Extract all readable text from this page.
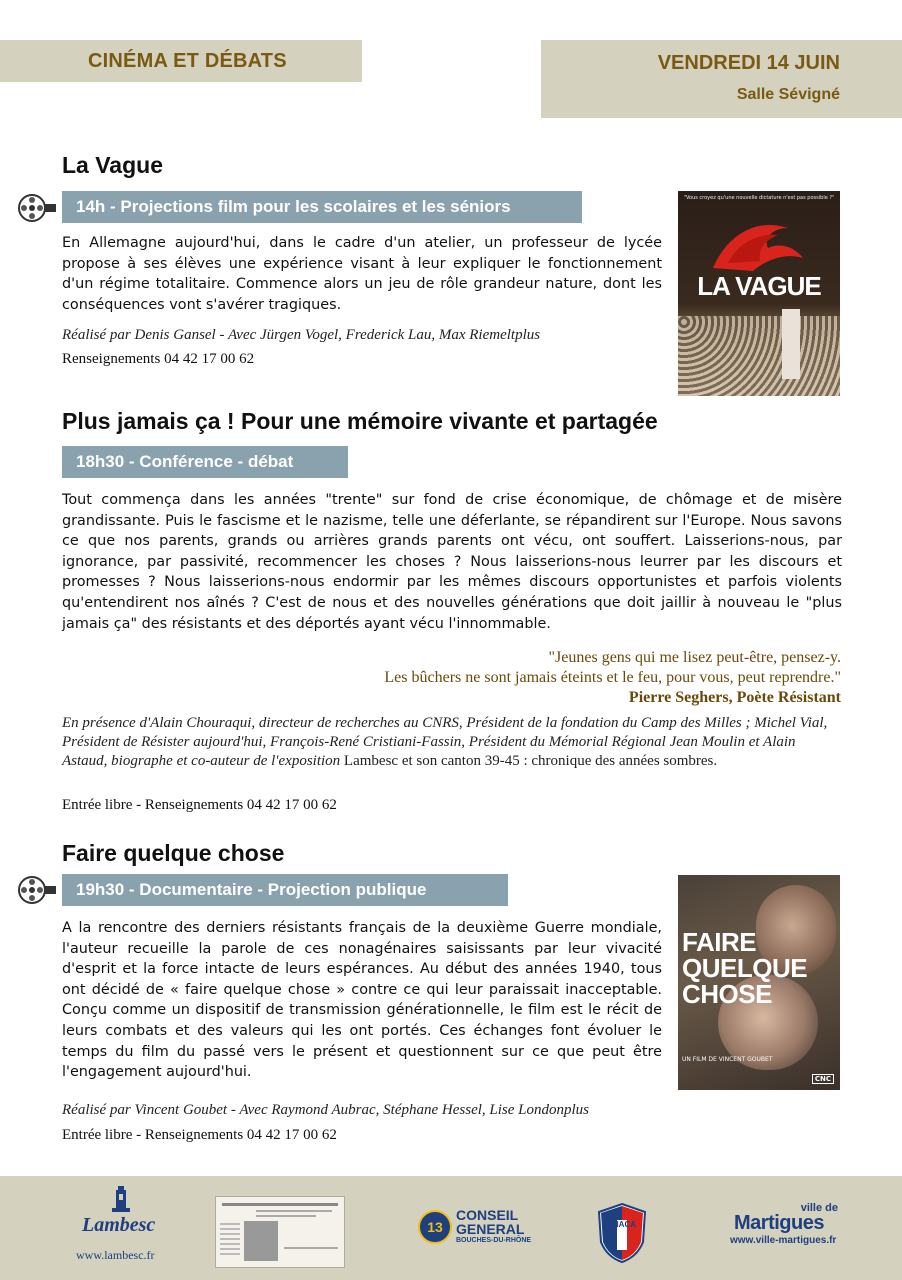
CINÉMA ET DÉBATS	VENDREDI 14 JUIN
Salle Sévigné
La Vague
14h - Projections film pour les scolaires et les séniors

En Allemagne aujourd'hui, dans le cadre d'un atelier, un professeur de lycée propose à ses élèves une expérience visant à leur expliquer le fonctionnement d'un régime totalitaire. Commence alors un jeu de rôle grandeur nature, dont les conséquences vont s'avérer tragiques.

Réalisé par Denis Gansel - Avec Jürgen Vogel, Frederick Lau, Max Riemeltplus

Renseignements 04 42 17 00 62

"Vous croyez qu'une nouvelle dictature n'est pas possible ?"
LA VAGUE
Plus jamais ça ! Pour une mémoire vivante et partagée
18h30 - Conférence - débat

Tout commença dans les années "trente" sur fond de crise économique, de chômage et de misère grandissante. Puis le fascisme et le nazisme, telle une déferlante, se répandirent sur l'Europe. Nous savons ce que nos parents, grands ou arrières grands parents ont vécu, ont souffert. Laisserions-nous, par ignorance, par passivité, recommencer les choses ? Nous laisserions-nous leurrer par les discours et promesses ? Nous laisserions-nous endormir par les mêmes discours opportunistes et parfois violents qu'entendirent nos aînés ? C'est de nous et des nouvelles générations que doit jaillir à nouveau le "plus jamais ça" des résistants et des déportés ayant vécu l'innommable.

"Jeunes gens qui me lisez peut-être, pensez-y.
Les bûchers ne sont jamais éteints et le feu, pour vous, peut reprendre."
Pierre Seghers, Poète Résistant

En présence d'Alain Chouraqui, directeur de recherches au CNRS, Président de la fondation du Camp des Milles ; Michel Vial, Président de Résister aujourd'hui, François-René Cristiani-Fassin, Président du Mémorial Régional Jean Moulin et Alain Astaud, biographe et co-auteur de l'exposition Lambesc et son canton 39-45 : chronique des années sombres.

Entrée libre - Renseignements 04 42 17 00 62

Faire quelque chose
19h30 - Documentaire - Projection publique

A la rencontre des derniers résistants français de la deuxième Guerre mondiale, l'auteur recueille la parole de ces nonagénaires saisissants par leur vivacité d'esprit et la force intacte de leurs espérances. Au début des années 1940, tous ont décidé de « faire quelque chose » contre ce qui leur paraissait inacceptable. Conçu comme un dispositif de transmission générationnelle, le film est le récit de leurs combats et des valeurs qui les ont portés. Ces échanges font évoluer le temps du film du passé vers le présent et questionnent sur ce que peut être l'engagement aujourd'hui.

Réalisé par Vincent Goubet - Avec Raymond Aubrac, Stéphane Hessel, Lise Londonplus

Entrée libre - Renseignements 04 42 17 00 62

FAIRE
QUELQUE
CHOSE
UN FILM DE VINCENT GOUBET
CNC
Lambesc
www.lambesc.fr
13
CONSEIL
GENERAL
BOUCHES-DU-RHÔNE
FNACA
ville de
Martigues
www.ville-martigues.fr
